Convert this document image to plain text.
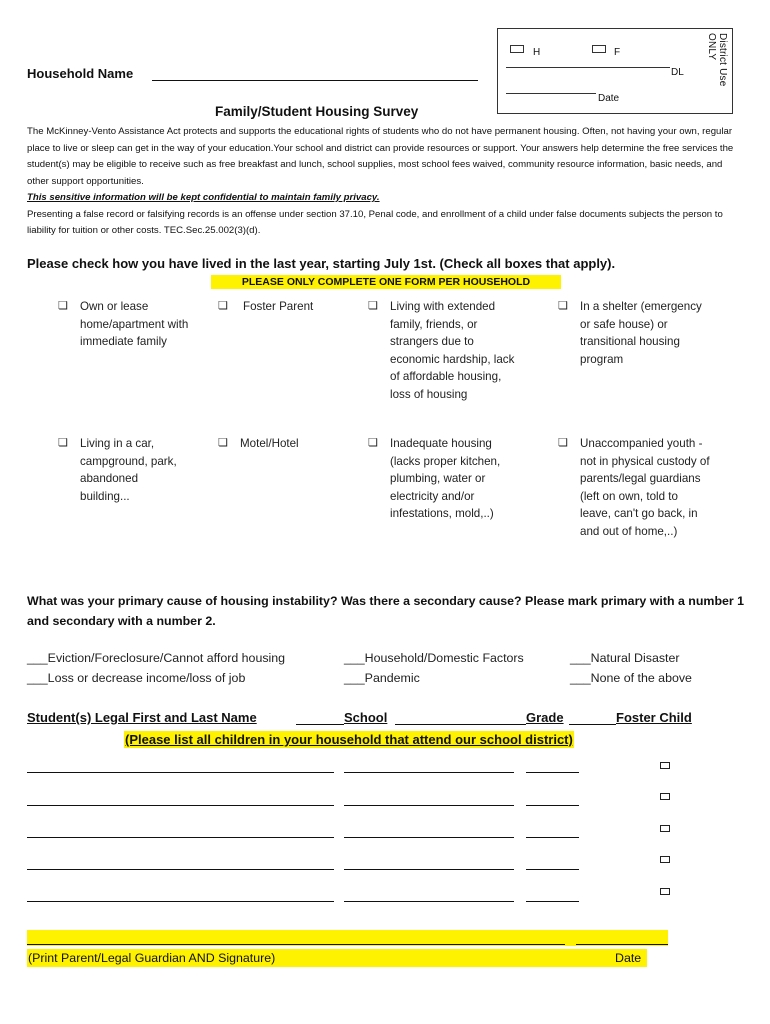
H	F
DL
Date
District Use ONLY
Household Name
Family/Student Housing Survey

The McKinney-Vento Assistance Act protects and supports the educational rights of students who do not have permanent housing. Often, not having your own, regular place to live or sleep can get in the way of your education.Your school and district can provide resources or support. Your answers help determine the free services the student(s) may be eligible to receive such as free breakfast and lunch, school supplies, most school fees waived, community resource information, basic needs, and other support opportunities.

This sensitive information will be kept confidential to maintain family privacy.

Presenting a false record or falsifying records is an offense under section 37.10, Penal code, and enrollment of a child under false documents subjects the person to liability for tuition or other costs. TEC.Sec.25.002(3)(d).

Please check how you have lived in the last year, starting July 1st. (Check all boxes that apply).
PLEASE ONLY COMPLETE ONE FORM PER HOUSEHOLD
❏ Own or lease home/apartment with immediate family
❏ Foster Parent	❏ Living with extended family, friends, or strangers due to economic hardship, lack of affordable housing, loss of housing
❏ In a shelter (emergency or safe house) or transitional housing program
❏ Living in a car, campground, park, abandoned building...
❏ Motel/Hotel	❏ Inadequate housing (lacks proper kitchen, plumbing, water or electricity and/or infestations, mold,..)
❏ Unaccompanied youth -not in physical custody of parents/legal guardians (left on own, told to leave, can't go back, in and out of home,..)
What was your primary cause of housing instability? Was there a secondary cause? Please mark primary with a number 1 and secondary with a number 2.
___Eviction/Foreclosure/Cannot afford housing	___Household/Domestic Factors	___Natural Disaster
___Loss or decrease income/loss of job	___Pandemic	___None of the above
Student(s) Legal First and Last Name	School	Grade	Foster Child
(Please list all children in your household that attend our school district)
(Print Parent/Legal Guardian AND Signature)	Date
